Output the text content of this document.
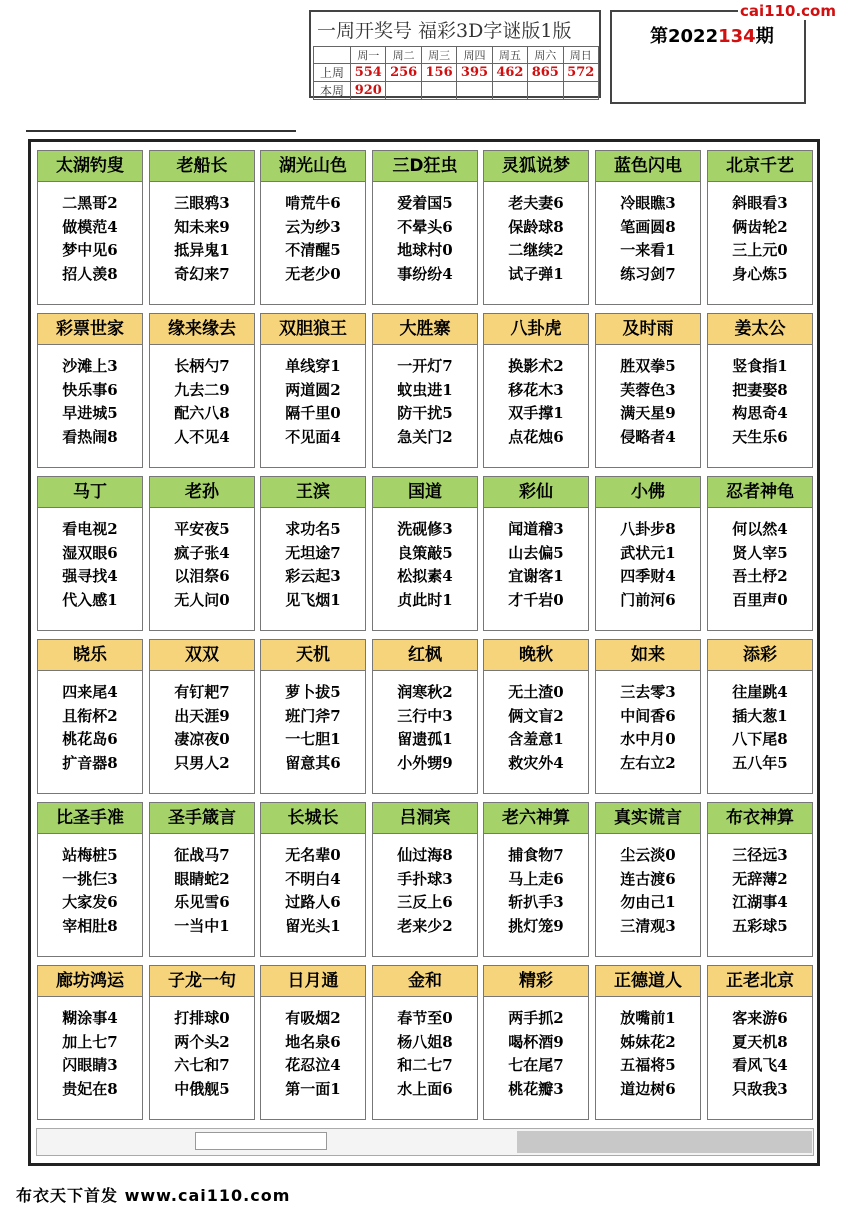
一周开奖号 福彩3D字谜版1版
	周一	周二	周三	周四	周五	周六	周日
上周	554	256	156	395	462	865	572
本周	920						
第2022134期
cai110.com
太湖钓叟
二黑哥2
做模范4
梦中见6
招人羡8
老船长
三眼鸦3
知未来9
抵异鬼1
奇幻来7
湖光山色
啃荒牛6
云为纱3
不清醒5
无老少0
三D狂虫
爱着国5
不晕头6
地球村0
事纷纷4
灵狐说梦
老夫妻6
保龄球8
二继续2
试子弹1
蓝色闪电
冷眼瞧3
笔画圆8
一来看1
练习剑7
北京千艺
斜眼看3
俩齿轮2
三上元0
身心炼5
彩票世家
沙滩上3
快乐事6
早进城5
看热闹8
缘来缘去
长柄勺7
九去二9
配六八8
人不见4
双胆狼王
单线穿1
两道圆2
隔千里0
不见面4
大胜寨
一开灯7
蚊虫进1
防干扰5
急关门2
八卦虎
换影术2
移花木3
双手撑1
点花烛6
及时雨
胜双拳5
芙蓉色3
满天星9
侵略者4
姜太公
竖食指1
把妻娶8
构思奇4
天生乐6
马丁
看电视2
湿双眼6
强寻找4
代入感1
老孙
平安夜5
疯子张4
以泪祭6
无人问0
王滨
求功名5
无坦途7
彩云起3
见飞烟1
国道
洗砚修3
良策敲5
松拟素4
贞此时1
彩仙
闻道稽3
山去偏5
宜谢客1
才千岩0
小佛
八卦步8
武状元1
四季财4
门前河6
忍者神龟
何以然4
贤人宰5
吾土杼2
百里声0
晓乐
四来尾4
且衔杯2
桃花岛6
扩音器8
双双
有钉耙7
出天涯9
凄凉夜0
只男人2
天机
萝卜拔5
班门斧7
一七胆1
留意其6
红枫
润寒秋2
三行中3
留遗孤1
小外甥9
晚秋
无土渣0
俩文盲2
含羞意1
救灾外4
如来
三去零3
中间香6
水中月0
左右立2
添彩
往崖跳4
插大葱1
八下尾8
五八年5
比圣手准
站梅桩5
一挑仨3
大家发6
宰相肚8
圣手箴言
征战马7
眼睛蛇2
乐见雪6
一当中1
长城长
无名辈0
不明白4
过路人6
留光头1
吕洞宾
仙过海8
手扑球3
三反上6
老来少2
老六神算
捕食物7
马上走6
斩扒手3
挑灯笼9
真实谎言
尘云淡0
连古渡6
勿由己1
三清观3
布衣神算
三径远3
无辞薄2
江湖事4
五彩球5
廊坊鸿运
糊涂事4
加上七7
闪眼睛3
贵妃在8
子龙一句
打排球0
两个头2
六七和7
中俄舰5
日月通
有吸烟2
地名泉6
花忍泣4
第一面1
金和
春节至0
杨八姐8
和二七7
水上面6
精彩
两手抓2
喝杯酒9
七在尾7
桃花瓣3
正德道人
放嘴前1
姊妹花2
五福将5
道边树6
正老北京
客来游6
夏天机8
看风飞4
只敌我3
布衣天下首发 www.cai110.com
